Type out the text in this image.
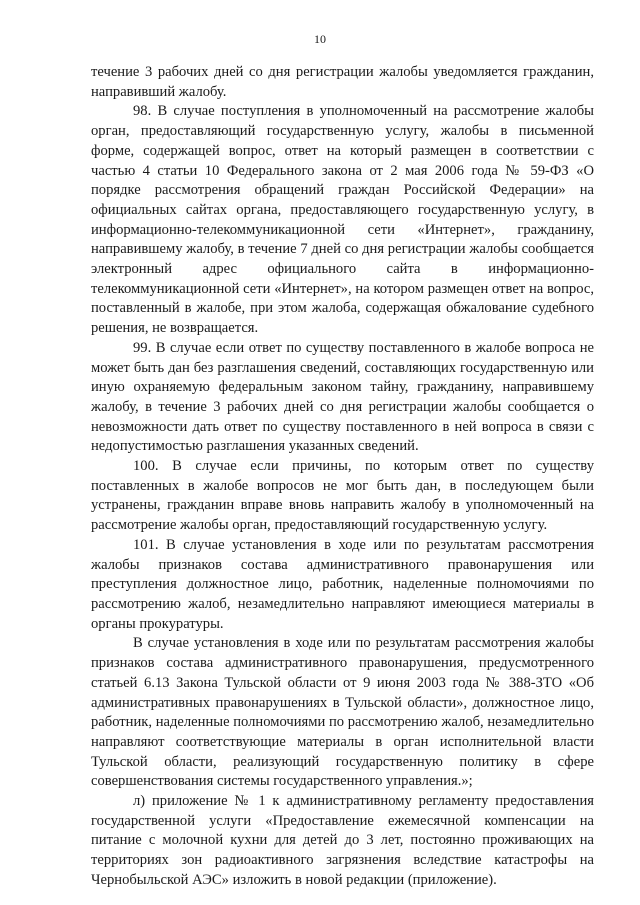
10

течение 3 рабочих дней со дня регистрации жалобы уведомляется гражданин, направивший жалобу.

98. В случае поступления в уполномоченный на рассмотрение жалобы орган, предоставляющий государственную услугу, жалобы в письменной форме, содержащей вопрос, ответ на который размещен в соответствии с частью 4 статьи 10 Федерального закона от 2 мая 2006 года № 59-ФЗ «О порядке рассмотрения обращений граждан Российской Федерации» на официальных сайтах органа, предоставляющего государственную услугу, в информационно-телекоммуникационной сети «Интернет», гражданину, направившему жалобу, в течение 7 дней со дня регистрации жалобы сообщается электронный адрес официального сайта в информационно-телекоммуникационной сети «Интернет», на котором размещен ответ на вопрос, поставленный в жалобе, при этом жалоба, содержащая обжалование судебного решения, не возвращается.

99. В случае если ответ по существу поставленного в жалобе вопроса не может быть дан без разглашения сведений, составляющих государственную или иную охраняемую федеральным законом тайну, гражданину, направившему жалобу, в течение 3 рабочих дней со дня регистрации жалобы сообщается о невозможности дать ответ по существу поставленного в ней вопроса в связи с недопустимостью разглашения указанных сведений.

100. В случае если причины, по которым ответ по существу поставленных в жалобе вопросов не мог быть дан, в последующем были устранены, гражданин вправе вновь направить жалобу в уполномоченный на рассмотрение жалобы орган, предоставляющий государственную услугу.

101. В случае установления в ходе или по результатам рассмотрения жалобы признаков состава административного правонарушения или преступления должностное лицо, работник, наделенные полномочиями по рассмотрению жалоб, незамедлительно направляют имеющиеся материалы в органы прокуратуры.

В случае установления в ходе или по результатам рассмотрения жалобы признаков состава административного правонарушения, предусмотренного статьей 6.13 Закона Тульской области от 9 июня 2003 года № 388-ЗТО «Об административных правонарушениях в Тульской области», должностное лицо, работник, наделенные полномочиями по рассмотрению жалоб, незамедлительно направляют соответствующие материалы в орган исполнительной власти Тульской области, реализующий государственную политику в сфере совершенствования системы государственного управления.»;

л) приложение № 1 к административному регламенту предоставления государственной услуги «Предоставление ежемесячной компенсации на питание с молочной кухни для детей до 3 лет, постоянно проживающих на территориях зон радиоактивного загрязнения вследствие катастрофы на Чернобыльской АЭС» изложить в новой редакции (приложение).
